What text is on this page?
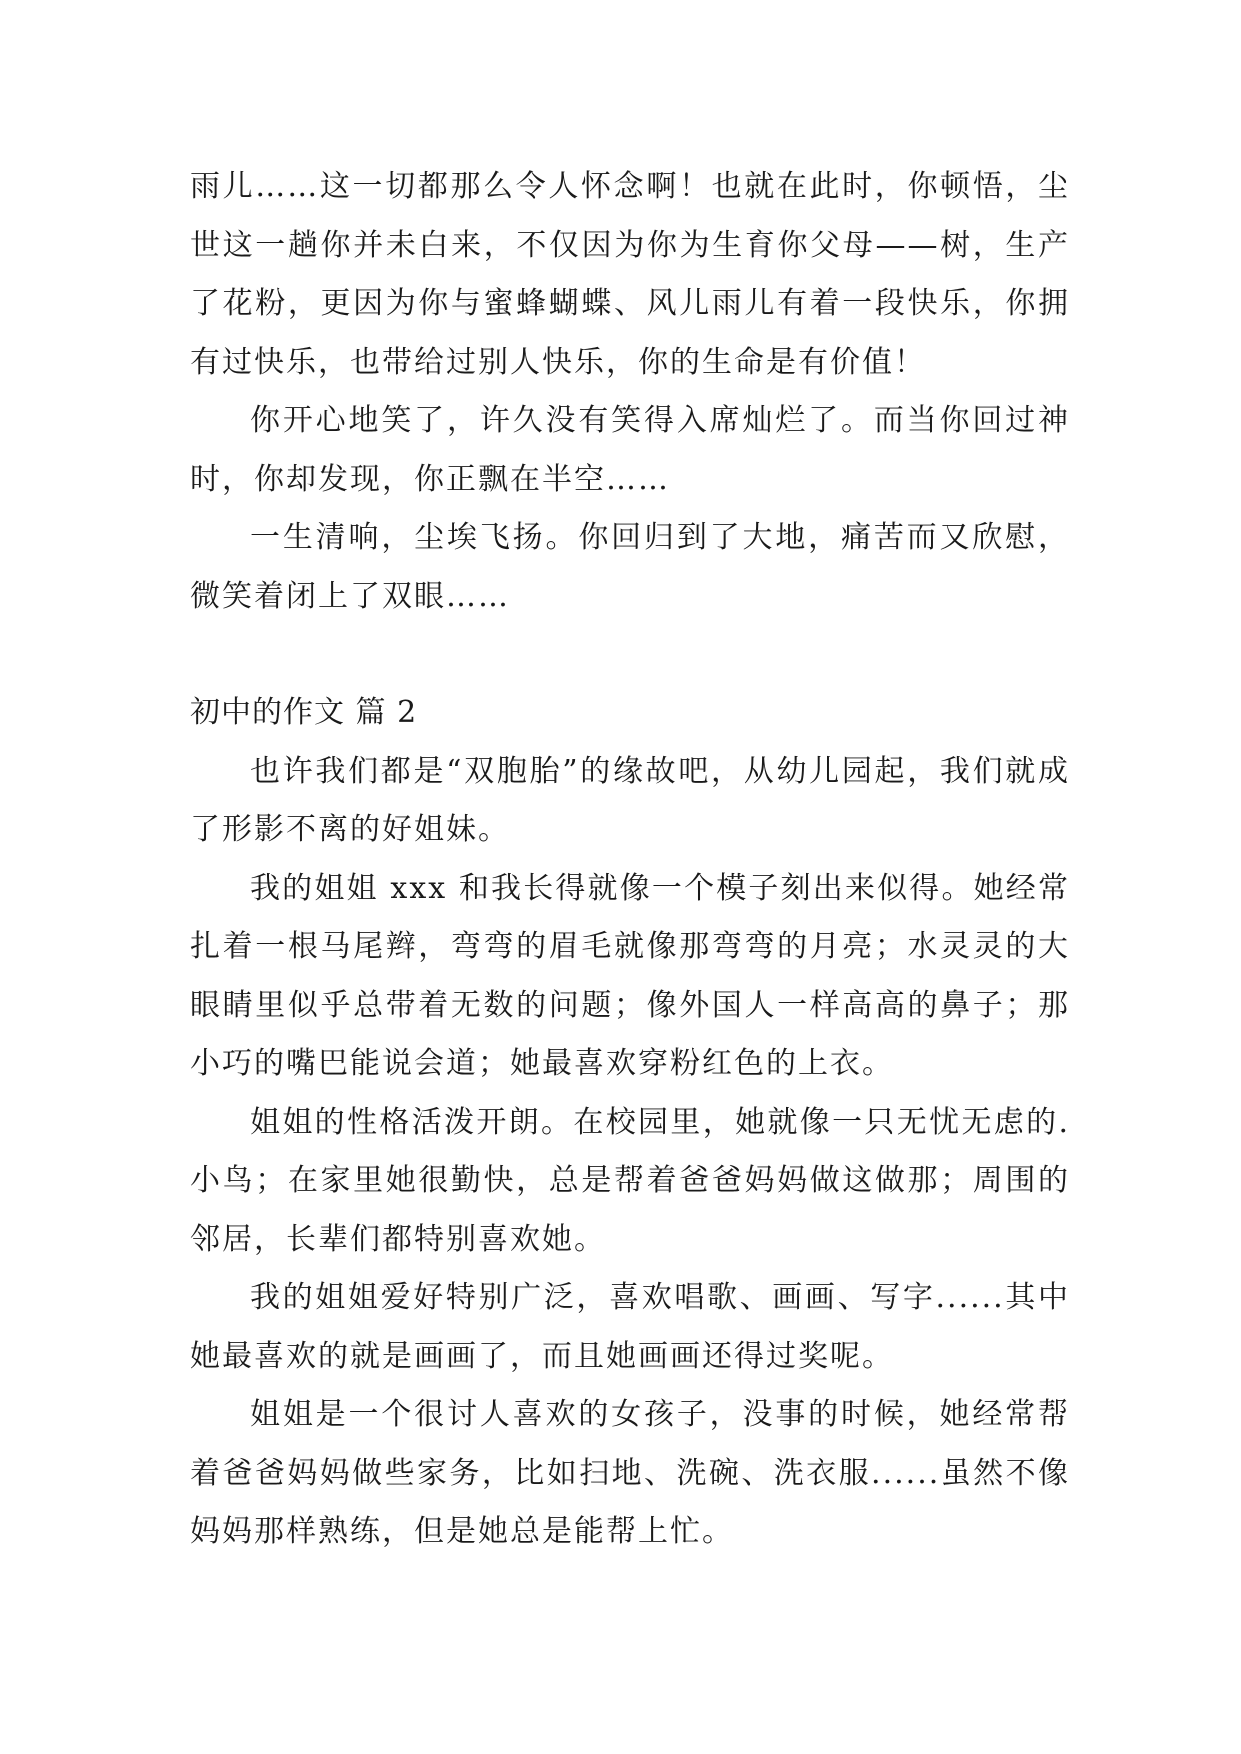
雨儿……这一切都那么令人怀念啊！也就在此时，你顿悟，尘世这一趟你并未白来，不仅因为你为生育你父母——树，生产了花粉，更因为你与蜜蜂蝴蝶、风儿雨儿有着一段快乐，你拥有过快乐，也带给过别人快乐，你的生命是有价值！

你开心地笑了，许久没有笑得入席灿烂了。而当你回过神时，你却发现，你正飘在半空……

一生清响，尘埃飞扬。你回归到了大地，痛苦而又欣慰，微笑着闭上了双眼……

初中的作文 篇 2

也许我们都是“双胞胎”的缘故吧，从幼儿园起，我们就成了形影不离的好姐妹。

我的姐姐 xxx 和我长得就像一个模子刻出来似得。她经常扎着一根马尾辫，弯弯的眉毛就像那弯弯的月亮；水灵灵的大眼睛里似乎总带着无数的问题；像外国人一样高高的鼻子；那小巧的嘴巴能说会道；她最喜欢穿粉红色的上衣。

姐姐的性格活泼开朗。在校园里，她就像一只无忧无虑的.小鸟；在家里她很勤快，总是帮着爸爸妈妈做这做那；周围的邻居，长辈们都特别喜欢她。

我的姐姐爱好特别广泛，喜欢唱歌、画画、写字......其中她最喜欢的就是画画了，而且她画画还得过奖呢。

姐姐是一个很讨人喜欢的女孩子，没事的时候，她经常帮着爸爸妈妈做些家务，比如扫地、洗碗、洗衣服......虽然不像妈妈那样熟练，但是她总是能帮上忙。
